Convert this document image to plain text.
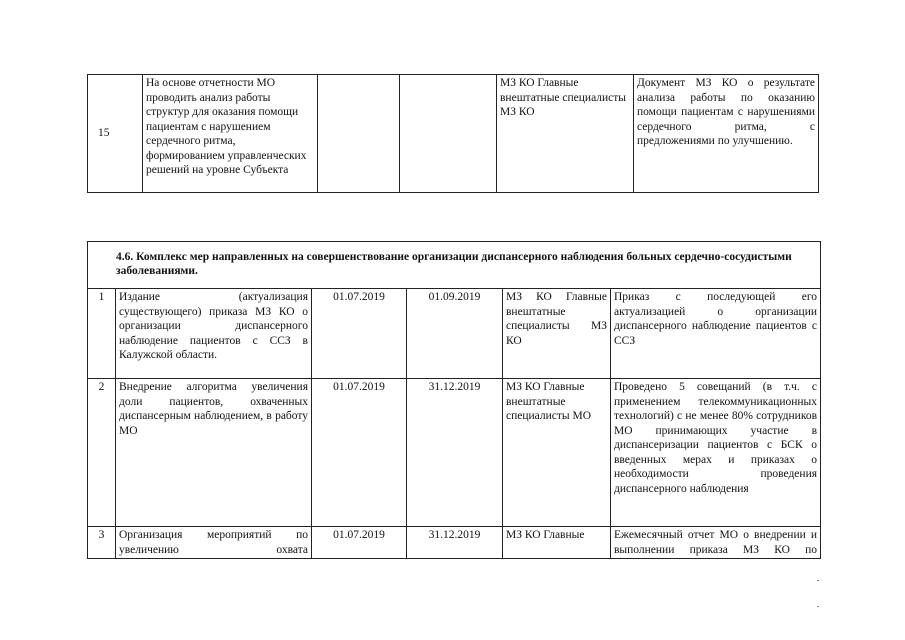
15	На основе отчетности МО проводить анализ работы структур для оказания помощи пациентам с нарушением сердечного ритма, формированием управленческих решений на уровне Субъекта			МЗ КО Главные внештатные специалисты МЗ КО	Документ МЗ КО о результате анализа работы по оказанию помощи пациентам с нарушениями сердечного ритма, с предложениями по улучшению.
4.6. Комплекс мер направленных на совершенствование организации диспансерного наблюдения больных сердечно-сосудистыми заболеваниями.					
1	Издание (актуализация существующего) приказа МЗ КО о организации диспансерного наблюдение пациентов с ССЗ в Калужской области.	01.07.2019	01.09.2019	МЗ КО Главные внештатные специалисты МЗ КО	Приказ с последующей его актуализацией о организации диспансерного наблюдение пациентов с ССЗ
2	Внедрение алгоритма увеличения доли пациентов, охваченных диспансерным наблюдением, в работу МО	01.07.2019	31.12.2019	МЗ КО Главные внештатные специалисты МО	Проведено 5 совещаний (в т.ч. с применением телекоммуникационных технологий) с не менее 80% сотрудников МО принимающих участие в диспансеризации пациентов с БСК о введенных мерах и приказах о необходимости проведения диспансерного наблюдения
3	Организация мероприятий по увеличению охвата	01.07.2019	31.12.2019	МЗ КО Главные	Ежемесячный отчет МО о внедрении и выполнении приказа МЗ КО по
